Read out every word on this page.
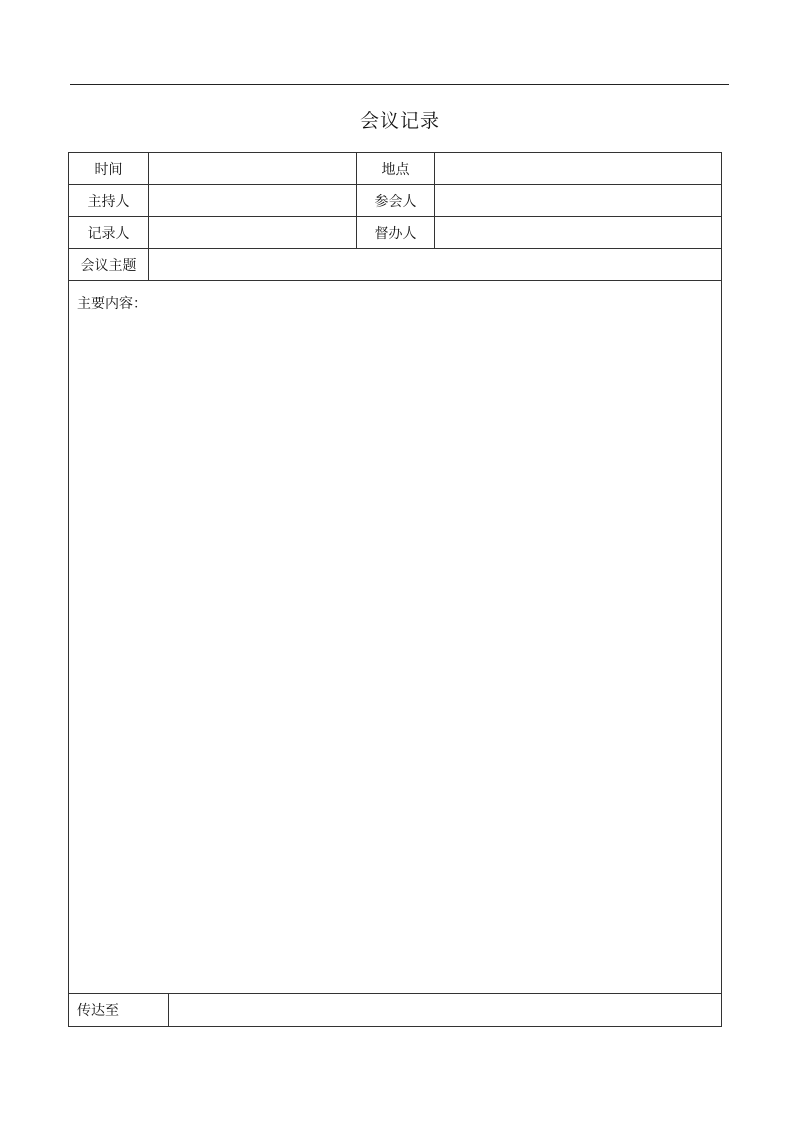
会议记录
时间		地点	
主持人		参会人	
记录人		督办人	
会议主题	
主要内容：

传达至	
